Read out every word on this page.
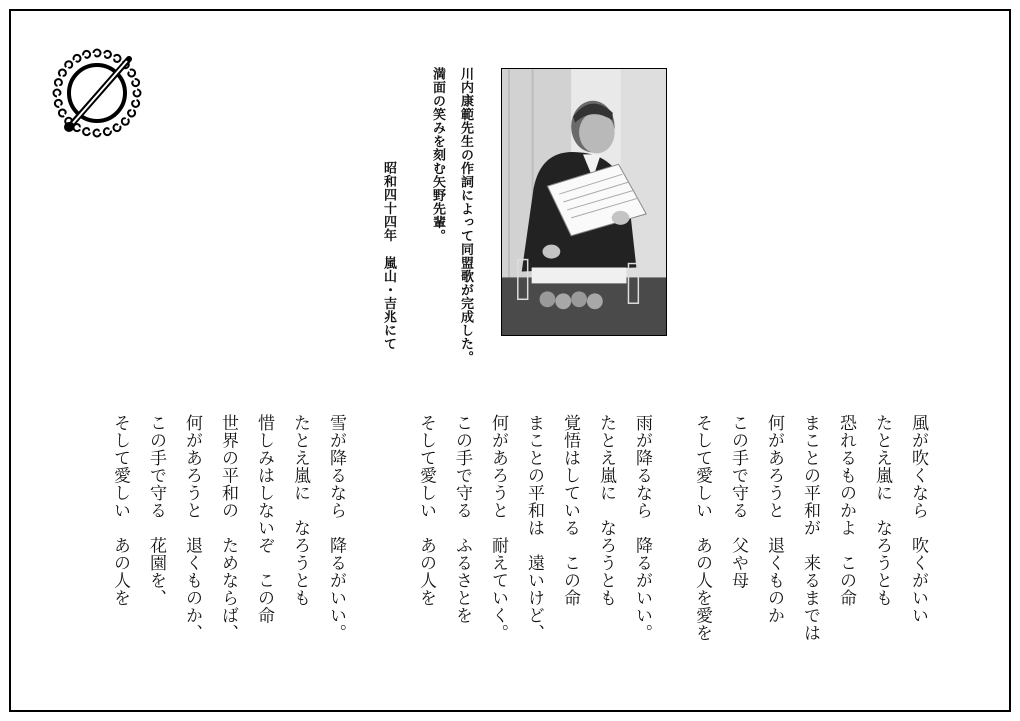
川内康範先生の作詞によって同盟歌が完成した。
満面の笑みを刻む矢野先輩。
昭和四十四年嵐山・吉兆にて
風が吹くなら　吹くがいい
たとえ嵐に　なろうとも
恐れるものかよ　この命
まことの平和が　来るまでは
何があろうと　退くものか
この手で守る　父や母
そして愛しい　あの人を愛を
雨が降るなら　降るがいい。
たとえ嵐に　なろうとも
覚悟はしている　この命
まことの平和は　遠いけど、
何があろうと　耐えていく。
この手で守る　ふるさとを
そして愛しい　あの人を
雪が降るなら　降るがいい。
たとえ嵐に　なろうとも
惜しみはしないぞ　この命
世界の平和の　ためならば、
何があろうと　退くものか、
この手で守る　花園を、
そして愛しい　あの人を
